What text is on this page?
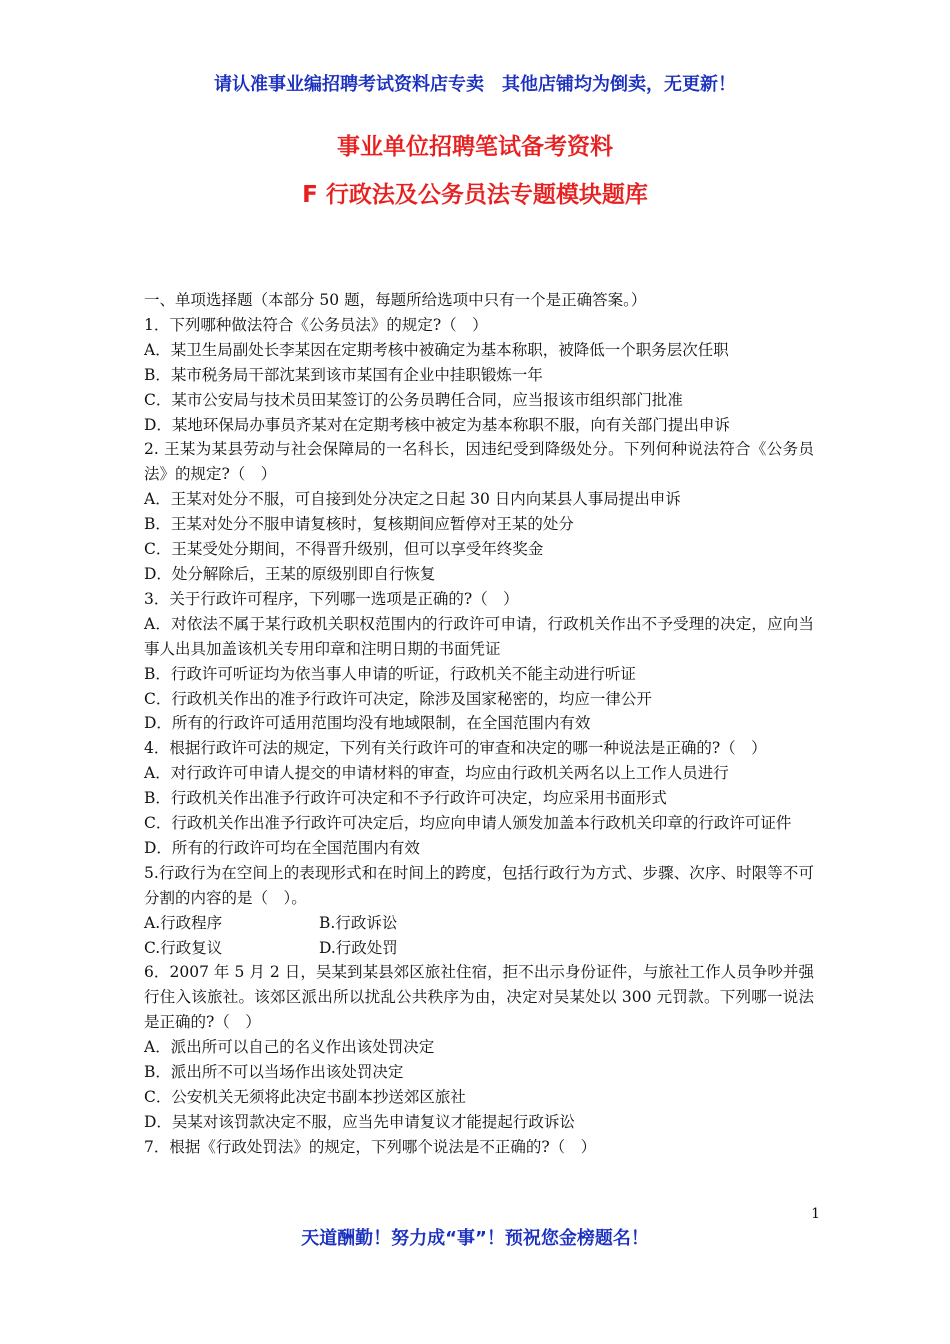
请认准事业编招聘考试资料店专卖　其他店铺均为倒卖，无更新！
事业单位招聘笔试备考资料
F 行政法及公务员法专题模块题库
一、单项选择题（本部分 50 题，每题所给选项中只有一个是正确答案。）
1．下列哪种做法符合《公务员法》的规定?（　）
A．某卫生局副处长李某因在定期考核中被确定为基本称职，被降低一个职务层次任职
B．某市税务局干部沈某到该市某国有企业中挂职锻炼一年
C．某市公安局与技术员田某签订的公务员聘任合同，应当报该市组织部门批准
D．某地环保局办事员齐某对在定期考核中被定为基本称职不服，向有关部门提出申诉
2. 王某为某县劳动与社会保障局的一名科长，因违纪受到降级处分。下列何种说法符合《公务员法》的规定?（　）
A．王某对处分不服，可自接到处分决定之日起 30 日内向某县人事局提出申诉
B．王某对处分不服申请复核时，复核期间应暂停对王某的处分
C．王某受处分期间，不得晋升级别，但可以享受年终奖金
D．处分解除后，王某的原级别即自行恢复
3．关于行政许可程序，下列哪一选项是正确的?（　）
A．对依法不属于某行政机关职权范围内的行政许可申请，行政机关作出不予受理的决定，应向当事人出具加盖该机关专用印章和注明日期的书面凭证
B．行政许可听证均为依当事人申请的听证，行政机关不能主动进行听证
C．行政机关作出的准予行政许可决定，除涉及国家秘密的，均应一律公开
D．所有的行政许可适用范围均没有地域限制，在全国范围内有效
4．根据行政许可法的规定，下列有关行政许可的审查和决定的哪一种说法是正确的?（　）
A．对行政许可申请人提交的申请材料的审查，均应由行政机关两名以上工作人员进行
B．行政机关作出准予行政许可决定和不予行政许可决定，均应采用书面形式
C．行政机关作出准予行政许可决定后，均应向申请人颁发加盖本行政机关印章的行政许可证件
D．所有的行政许可均在全国范围内有效
5.行政行为在空间上的表现形式和在时间上的跨度，包括行政行为方式、步骤、次序、时限等不可分割的内容的是（　）。
A.行政程序	B.行政诉讼
C.行政复议	D.行政处罚
6．2007 年 5 月 2 日，吴某到某县郊区旅社住宿，拒不出示身份证件，与旅社工作人员争吵并强行住入该旅社。该郊区派出所以扰乱公共秩序为由，决定对吴某处以 300 元罚款。下列哪一说法是正确的?（　）
A．派出所可以自己的名义作出该处罚决定
B．派出所不可以当场作出该处罚决定
C．公安机关无须将此决定书副本抄送郊区旅社
D．吴某对该罚款决定不服，应当先申请复议才能提起行政诉讼
7．根据《行政处罚法》的规定，下列哪个说法是不正确的?（　）
1
天道酬勤！努力成“事”！预祝您金榜题名！
